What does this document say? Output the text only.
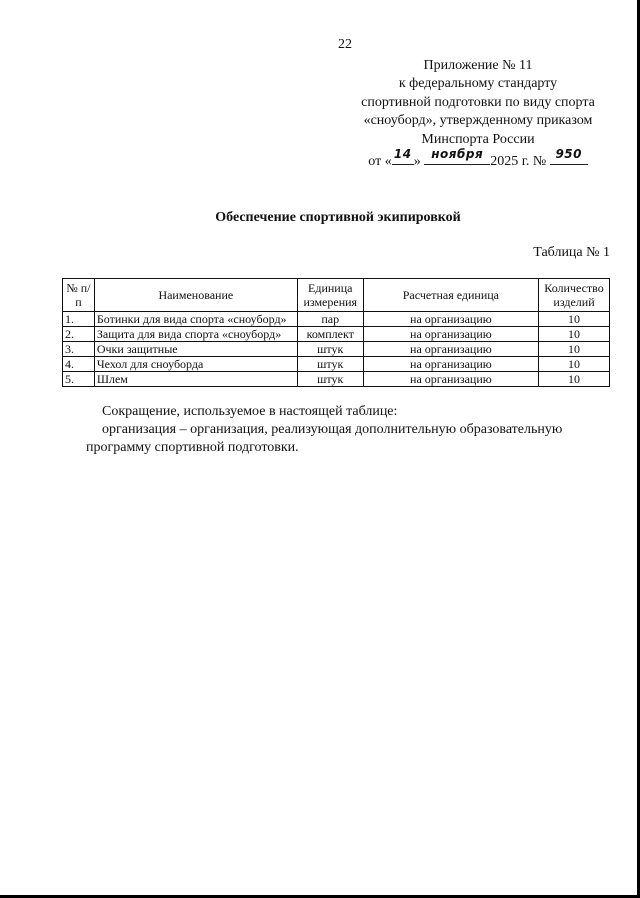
22
Приложение № 11
к федеральному стандарту
спортивной подготовки по виду спорта
«сноуборд», утвержденному приказом
Минспорта России
от «
14
»
ноября
2025 г. №
950
Обеспечение спортивной экипировкой
Таблица № 1
№ п/п	Наименование	Единица измерения	Расчетная единица	Количество изделий
1.	Ботинки для вида спорта «сноуборд»	пар	на организацию	10
2.	Защита для вида спорта «сноуборд»	комплект	на организацию	10
3.	Очки защитные	штук	на организацию	10
4.	Чехол для сноуборда	штук	на организацию	10
5.	Шлем	штук	на организацию	10
Сокращение, используемое в настоящей таблице:
организация – организация, реализующая дополнительную образовательную
программу спортивной подготовки.
